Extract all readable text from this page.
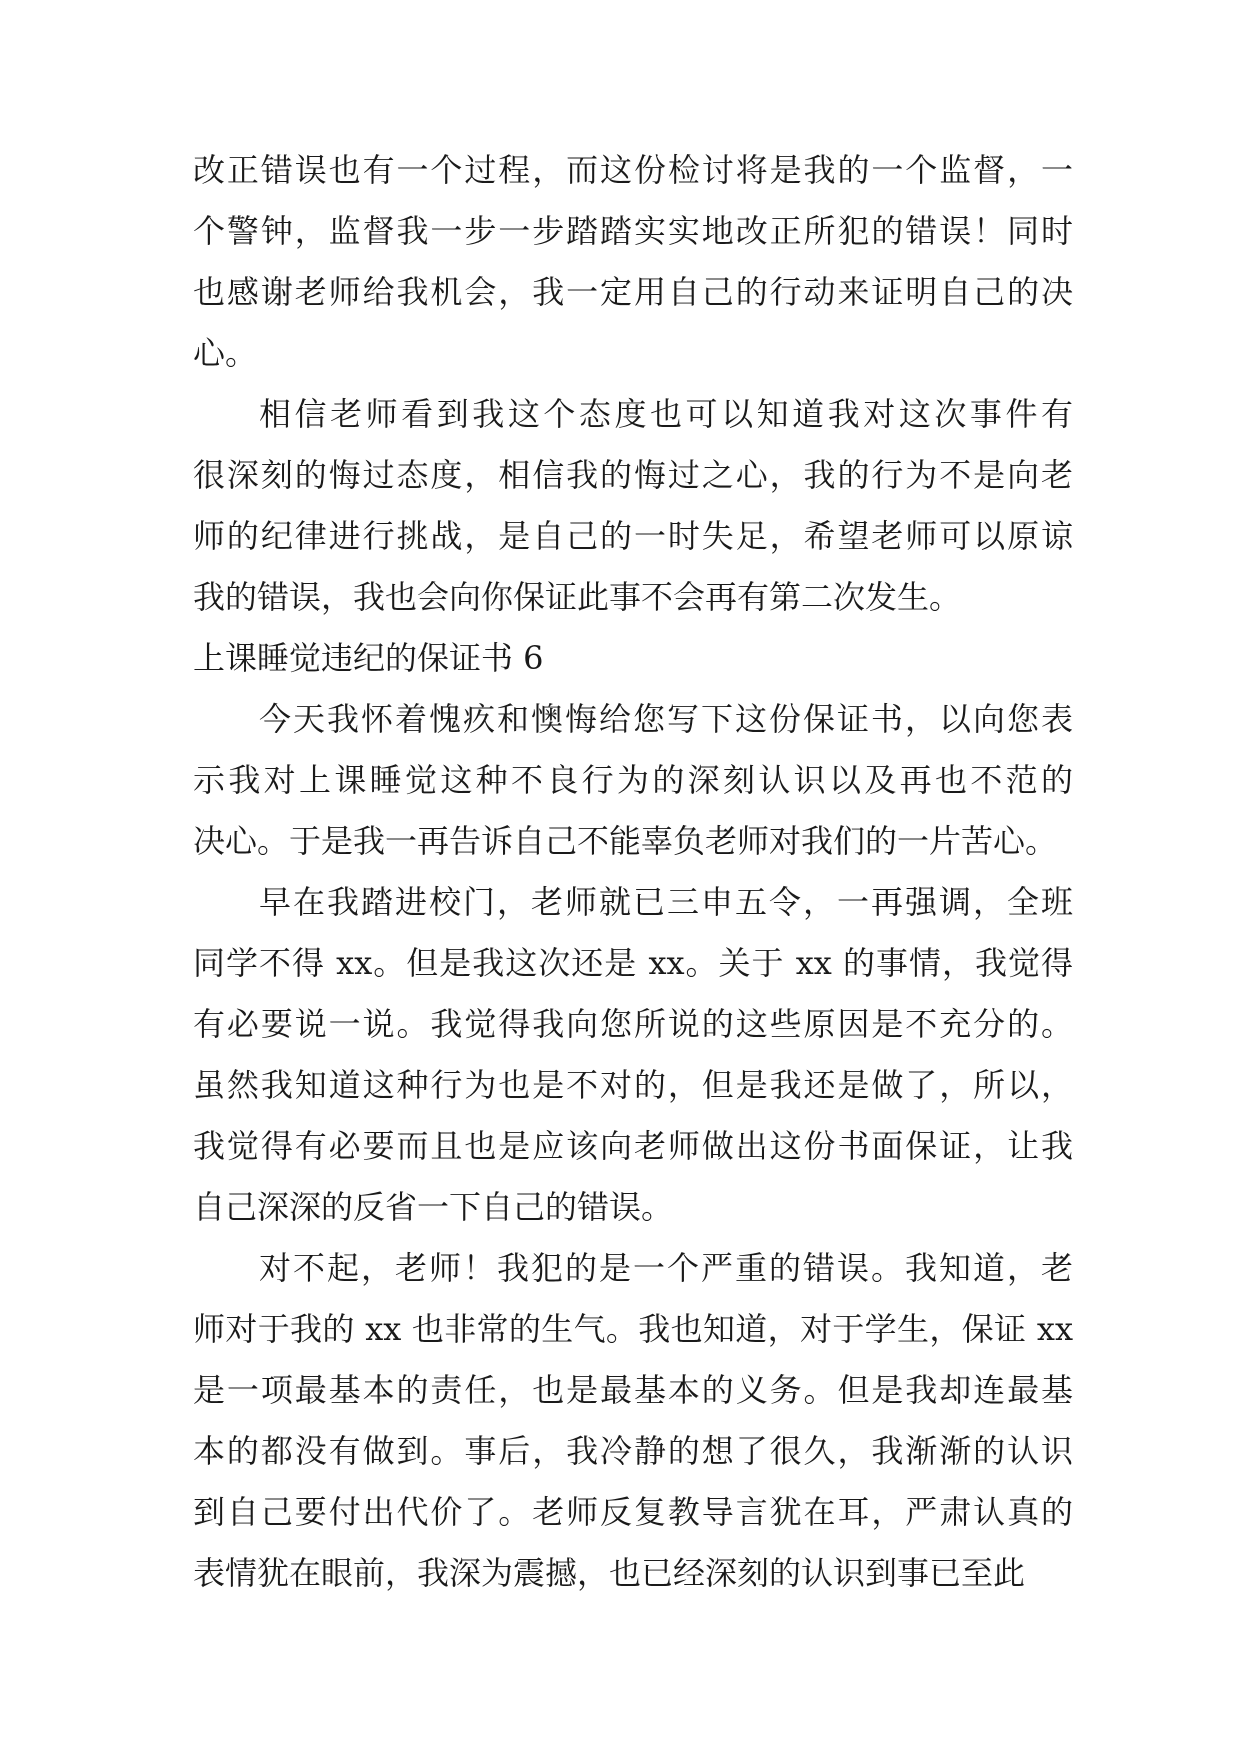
改正错误也有一个过程，而这份检讨将是我的一个监督，一
个警钟，监督我一步一步踏踏实实地改正所犯的错误！同时
也感谢老师给我机会，我一定用自己的行动来证明自己的决
心。
相信老师看到我这个态度也可以知道我对这次事件有
很深刻的悔过态度，相信我的悔过之心，我的行为不是向老
师的纪律进行挑战，是自己的一时失足，希望老师可以原谅
我的错误，我也会向你保证此事不会再有第二次发生。
上课睡觉违纪的保证书 6
今天我怀着愧疚和懊悔给您写下这份保证书，以向您表
示我对上课睡觉这种不良行为的深刻认识以及再也不范的
决心。于是我一再告诉自己不能辜负老师对我们的一片苦心。
早在我踏进校门，老师就已三申五令，一再强调，全班
同学不得 xx。但是我这次还是 xx。关于 xx 的事情，我觉得
有必要说一说。我觉得我向您所说的这些原因是不充分的。
虽然我知道这种行为也是不对的，但是我还是做了，所以，
我觉得有必要而且也是应该向老师做出这份书面保证，让我
自己深深的反省一下自己的错误。
对不起，老师！我犯的是一个严重的错误。我知道，老
师对于我的 xx 也非常的生气。我也知道，对于学生，保证 xx
是一项最基本的责任，也是最基本的义务。但是我却连最基
本的都没有做到。事后，我冷静的想了很久，我渐渐的认识
到自己要付出代价了。老师反复教导言犹在耳，严肃认真的
表情犹在眼前，我深为震撼，也已经深刻的认识到事已至此
